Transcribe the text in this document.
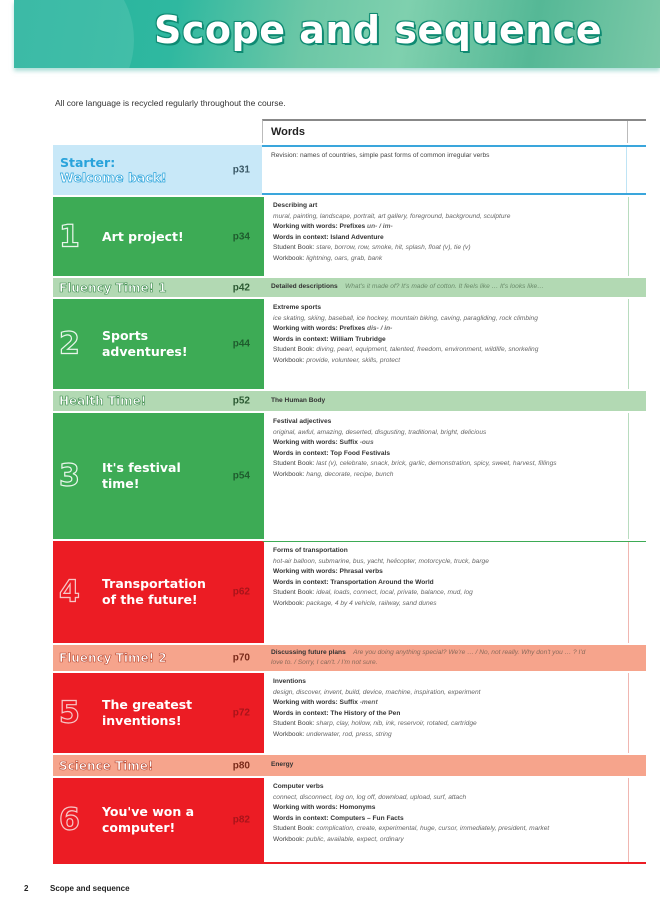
Scope and sequence
All core language is recycled regularly throughout the course.
Words
Starter:
Welcome back!	p31
Revision: names of countries, simple past forms of common irregular verbs
1 Art project!	p34
Describing art
mural, painting, landscape, portrait, art gallery, foreground, background, sculpture
Working with words: Prefixes un- / im-
Words in context: Island Adventure
Student Book: stare, borrow, row, smoke, hit, splash, float (v), tie (v)
Workbook: lightning, oars, grab, bank
Fluency Time! 1	p42	Detailed descriptions
What's it made of? It's made of cotton. It feels like … It's looks like…
2 Sports adventures!	p44
Extreme sports
ice skating, skiing, baseball, ice hockey, mountain biking, caving, paragliding, rock climbing
Working with words: Prefixes dis- / in-
Words in context: William Trubridge
Student Book: diving, pearl, equipment, talented, freedom, environment, wildlife, snorkeling
Workbook: provide, volunteer, skills, protect
Health Time!	p52	The Human Body
3 It's festival time!	p54
Festival adjectives
original, awful, amazing, deserted, disgusting, traditional, bright, delicious
Working with words: Suffix -ous
Words in context: Top Food Festivals
Student Book: last (v), celebrate, snack, brick, garlic, demonstration, spicy, sweet, harvest, fillings
Workbook: hang, decorate, recipe, bunch
4 Transportation of the future!	p62
Forms of transportation
hot-air balloon, submarine, bus, yacht, helicopter, motorcycle, truck, barge
Working with words: Phrasal verbs
Words in context: Transportation Around the World
Student Book: ideal, loads, connect, local, private, balance, mud, log
Workbook: package, 4 by 4 vehicle, railway, sand dunes
Fluency Time! 2	p70	Discussing future plans Are you doing anything special? We're … / No, not really. Why don't you … ? I'd love to. / Sorry, I can't. / I'm not sure.
5 The greatest inventions!	p72
Inventions
design, discover, invent, build, device, machine, inspiration, experiment
Working with words: Suffix -ment
Words in context: The History of the Pen
Student Book: sharp, clay, hollow, nib, ink, reservoir, rotated, cartridge
Workbook: underwater, rod, press, string
Science Time!	p80	Energy
6 You've won a computer!	p82
Computer verbs
connect, disconnect, log on, log off, download, upload, surf, attach
Working with words: Homonyms
Words in context: Computers – Fun Facts
Student Book: complication, create, experimental, huge, cursor, immediately, president, market
Workbook: public, available, expect, ordinary
2	Scope and sequence
